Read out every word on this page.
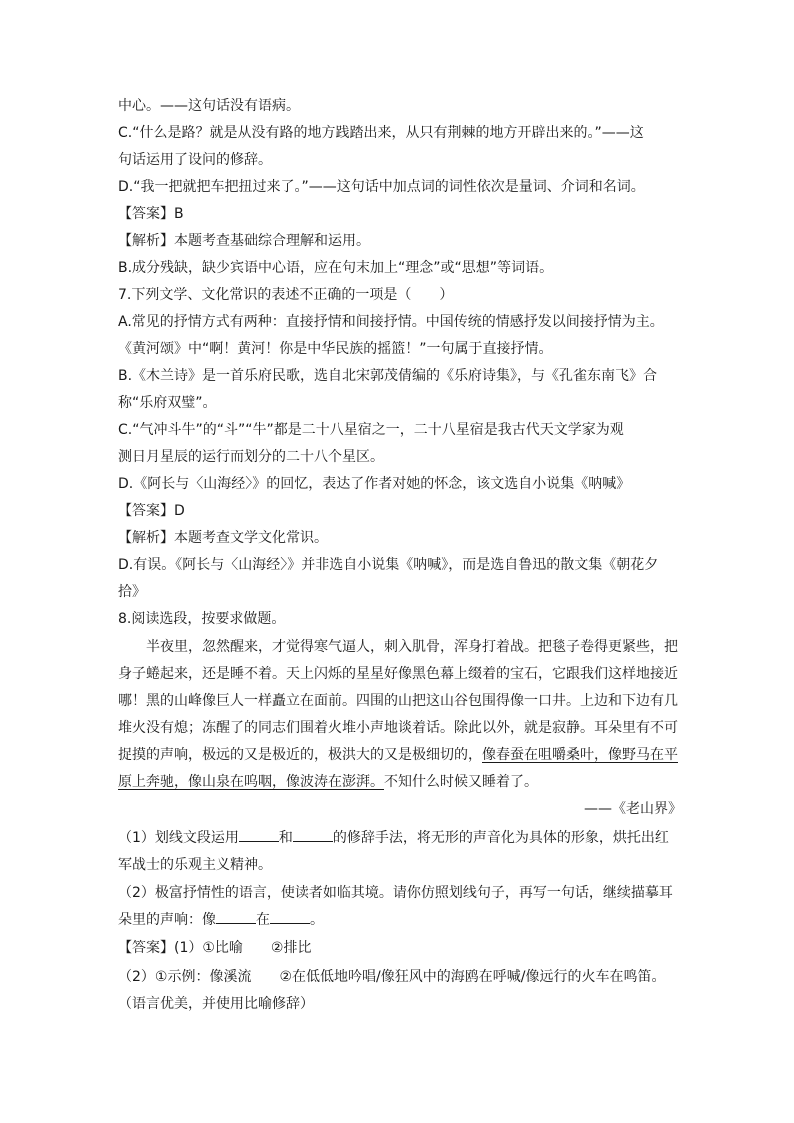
中心。——这句话没有语病。
C.“什么是路？就是从没有路的地方践踏出来，从只有荆棘的地方开辟出来的。”——这
句话运用了设问的修辞。
D.“我一把就把车把扭过来了。”——这句话中加点词的词性依次是量词、介词和名词。
【答案】B
【解析】本题考查基础综合理解和运用。
B.成分残缺，缺少宾语中心语，应在句末加上“理念”或“思想”等词语。
7.下列文学、文化常识的表述不正确的一项是（　　）
A.常见的抒情方式有两种：直接抒情和间接抒情。中国传统的情感抒发以间接抒情为主。
《黄河颂》中“啊！黄河！你是中华民族的摇篮！”一句属于直接抒情。
B.《木兰诗》是一首乐府民歌，选自北宋郭茂倩编的《乐府诗集》，与《孔雀东南飞》合
称“乐府双璧”。
C.“气冲斗牛”的“斗”“牛”都是二十八星宿之一，二十八星宿是我古代天文学家为观
测日月星辰的运行而划分的二十八个星区。
D.《阿长与〈山海经〉》的回忆，表达了作者对她的怀念，该文选自小说集《呐喊》
【答案】D
【解析】本题考查文学文化常识。
D.有误。《阿长与〈山海经〉》并非选自小说集《呐喊》，而是选自鲁迅的散文集《朝花夕
拾》
8.阅读选段，按要求做题。
半夜里，忽然醒来，才觉得寒气逼人，刺入肌骨，浑身打着战。把毯子卷得更紧些，把
身子蜷起来，还是睡不着。天上闪烁的星星好像黑色幕上缀着的宝石，它跟我们这样地接近
哪！黑的山峰像巨人一样矗立在面前。四围的山把这山谷包围得像一口井。上边和下边有几
堆火没有熄；冻醒了的同志们围着火堆小声地谈着话。除此以外，就是寂静。耳朵里有不可
捉摸的声响，极远的又是极近的，极洪大的又是极细切的，像春蚕在咀嚼桑叶，像野马在平
原上奔驰，像山泉在呜咽，像波涛在澎湃。不知什么时候又睡着了。
——《老山界》
（1）划线文段运用	和	的修辞手法，将无形的声音化为具体的形象，烘托出红
军战士的乐观主义精神。
（2）极富抒情性的语言，使读者如临其境。请你仿照划线句子，再写一句话，继续描摹耳
朵里的声响：像	在	。
【答案】(1）①比喻　　②排比
（2）①示例：像溪流　　②在低低地吟唱/像狂风中的海鸥在呼喊/像远行的火车在鸣笛。
（语言优美，并使用比喻修辞）
